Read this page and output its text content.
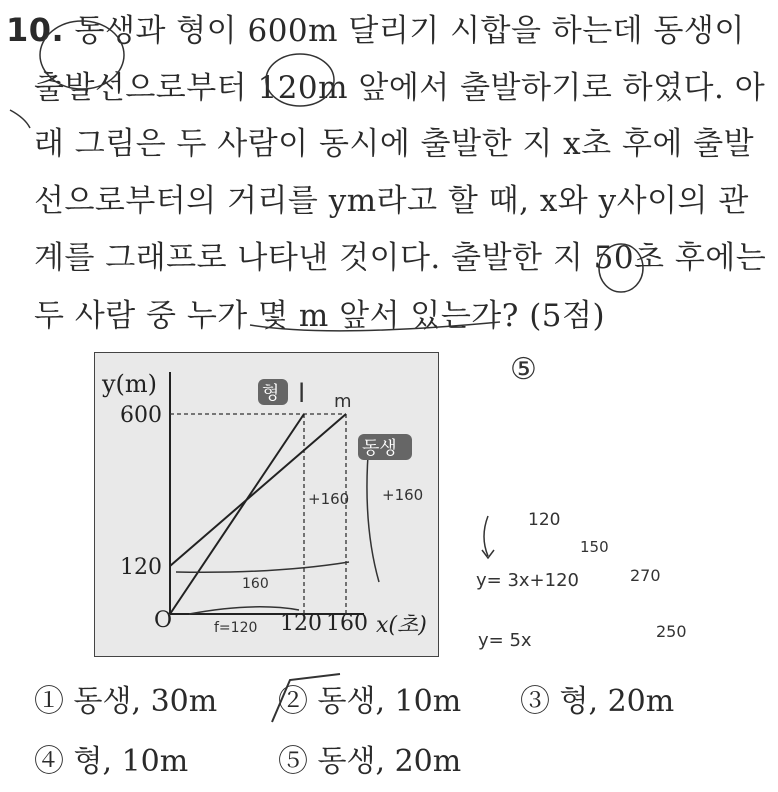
10. 동생과 형이 600m 달리기 시합을 하는데 동생이
출발선으로부터 120m 앞에서 출발하기로 하였다. 아
래 그림은 두 사람이 동시에 출발한 지 x초 후에 출발
선으로부터의 거리를 ym라고 할 때, x와 y사이의 관
계를 그래프로 나타낸 것이다. 출발한 지 50초 후에는
두 사람 중 누가 몇 m 앞서 있는가? (5점)
y(m)
600
120
O	120 160 x(초)
형
동생
l m
+160 +160
160
f=120
⑤
120
150
y= 3x+120	270
y= 5x	250
① 동생, 30m ② 동생, 10m ③ 형, 20m
④ 형, 10m	⑤ 동생, 20m
